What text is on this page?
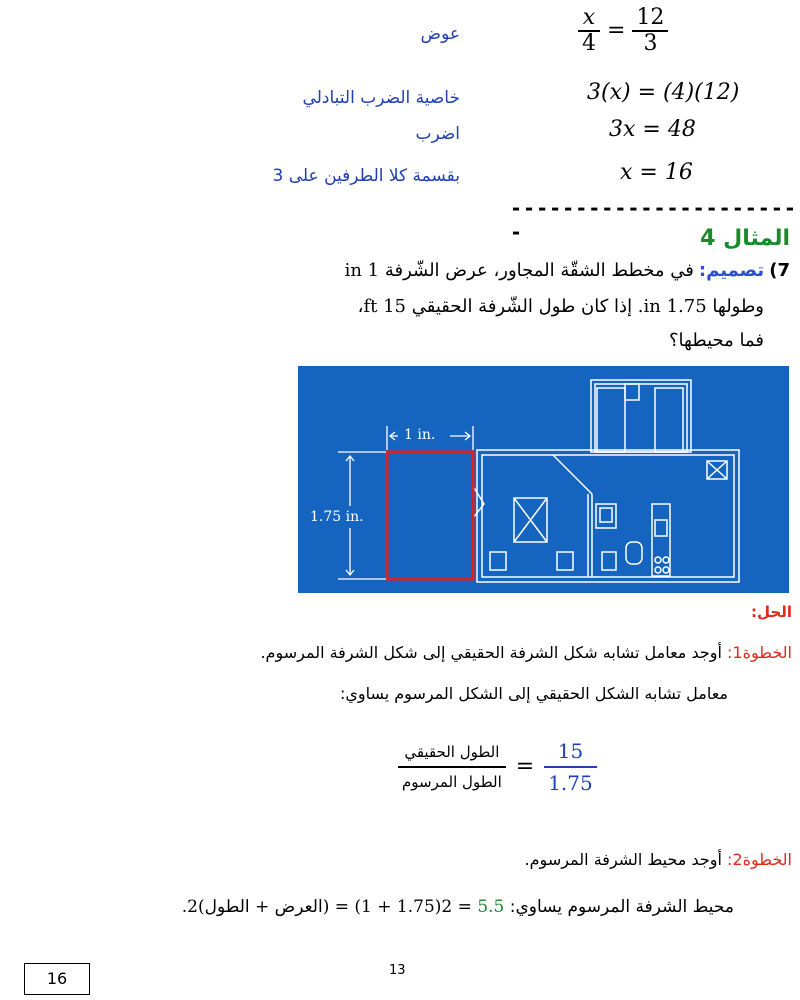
عوض	$\frac{x}{4} = \frac{12}{3}$
خاصية الضرب التبادلي	3(x) = (4)(12)
اضرب	3x = 48
بقسمة كلا الطرفين على 3	x = 16
-----------------------	المثال 4
7) تصميم: في مخطط الشقّة المجاور، عرض الشّرفة 1 in
وطولها 1.75 in. إذا كان طول الشّرفة الحقيقي 15 ft،
فما محيطها؟
1 in.
1.75 in.
الحل:
الخطوة1: أوجد معامل تشابه شكل الشرفة الحقيقي إلى شكل الشرفة المرسوم.
معامل تشابه الشكل الحقيقي إلى الشكل المرسوم يساوي:
$\frac{\text{الطول الحقيقي}}{\text{الطول المرسوم}} = \frac{15}{1.75}$
الخطوة2: أوجد محيط الشرفة المرسوم.
محيط الشرفة المرسوم يساوي: 5.5 = 2(1.75 + 1) = (العرض + الطول)2.
13
16
